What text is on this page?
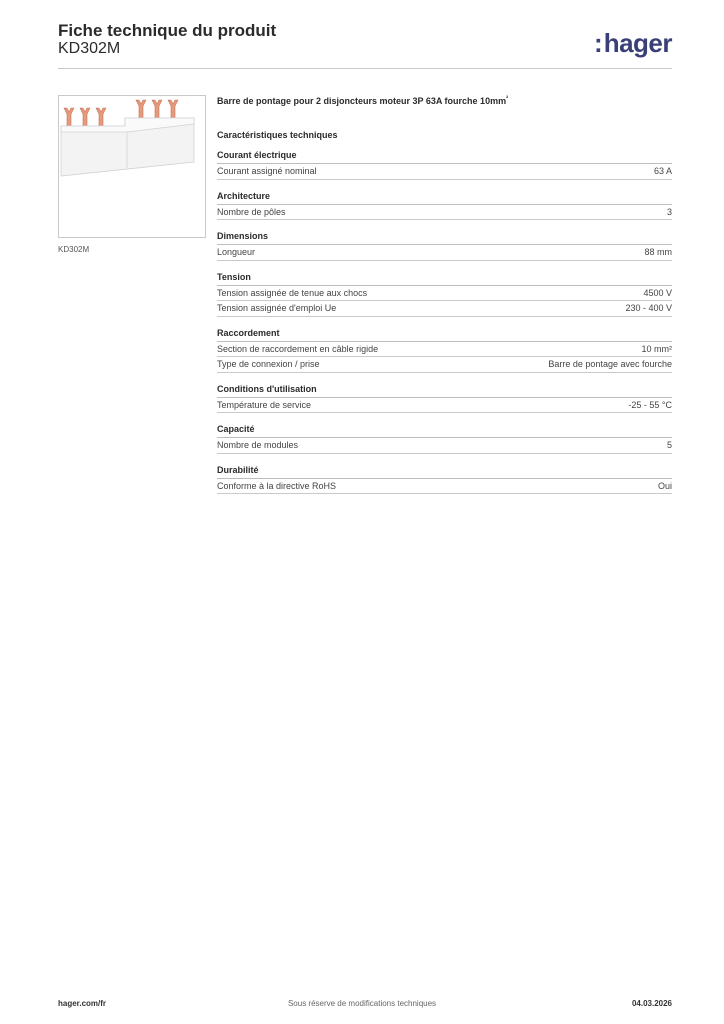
Fiche technique du produit
KD302M	:hager
KD302M

Barre de pontage pour 2 disjoncteurs moteur 3P 63A fourche $10mm^{^2}$

Caractéristiques techniques
Courant électrique
Courant assigné nominal	63 A
Architecture
Nombre de pôles	3
Dimensions
Longueur	88 mm
Tension
Tension assignée de tenue aux chocs	4500 V
Tension assignée d'emploi Ue	230 - 400 V
Raccordement
Section de raccordement en câble rigide	10 mm²
Type de connexion / prise	Barre de pontage avec fourche
Conditions d'utilisation
Température de service	-25 - 55 °C
Capacité
Nombre de modules	5
Durabilité
Conforme à la directive RoHS	Oui
hager.com/fr	Sous réserve de modifications techniques	04.03.2026
